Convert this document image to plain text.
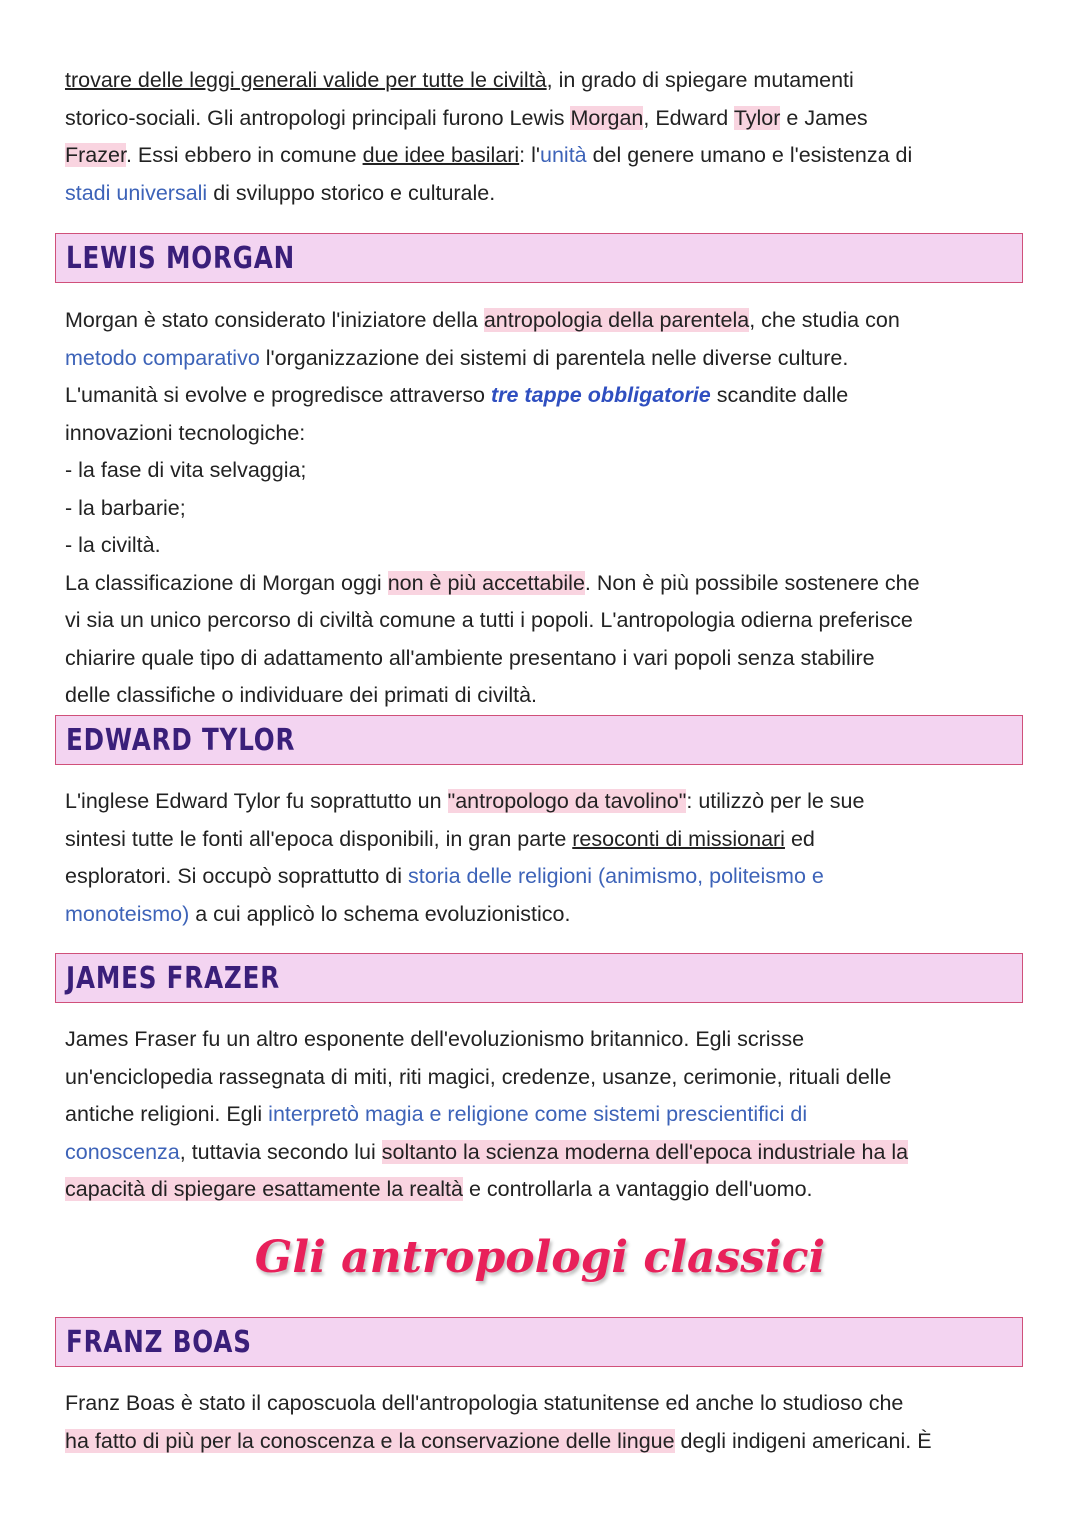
trovare delle leggi generali valide per tutte le civiltà, in grado di spiegare mutamenti
storico-sociali. Gli antropologi principali furono Lewis Morgan, Edward Tylor e James
Frazer. Essi ebbero in comune due idee basilari: l'unità del genere umano e l'esistenza di
stadi universali di sviluppo storico e culturale.
LEWIS MORGAN
Morgan è stato considerato l'iniziatore della antropologia della parentela, che studia con
metodo comparativo l'organizzazione dei sistemi di parentela nelle diverse culture.
L'umanità si evolve e progredisce attraverso tre tappe obbligatorie scandite dalle
innovazioni tecnologiche:
- la fase di vita selvaggia;
- la barbarie;
- la civiltà.
La classificazione di Morgan oggi non è più accettabile. Non è più possibile sostenere che
vi sia un unico percorso di civiltà comune a tutti i popoli. L'antropologia odierna preferisce
chiarire quale tipo di adattamento all'ambiente presentano i vari popoli senza stabilire
delle classifiche o individuare dei primati di civiltà.
EDWARD TYLOR
L'inglese Edward Tylor fu soprattutto un "antropologo da tavolino": utilizzò per le sue
sintesi tutte le fonti all'epoca disponibili, in gran parte resoconti di missionari ed
esploratori. Si occupò soprattutto di storia delle religioni (animismo, politeismo e
monoteismo) a cui applicò lo schema evoluzionistico.
JAMES FRAZER
James Fraser fu un altro esponente dell'evoluzionismo britannico. Egli scrisse
un'enciclopedia rassegnata di miti, riti magici, credenze, usanze, cerimonie, rituali delle
antiche religioni. Egli interpretò magia e religione come sistemi prescientifici di
conoscenza, tuttavia secondo lui soltanto la scienza moderna dell'epoca industriale ha la
capacità di spiegare esattamente la realtà e controllarla a vantaggio dell'uomo.
Gli antropologi classici
FRANZ BOAS
Franz Boas è stato il caposcuola dell'antropologia statunitense ed anche lo studioso che
ha fatto di più per la conoscenza e la conservazione delle lingue degli indigeni americani. È
